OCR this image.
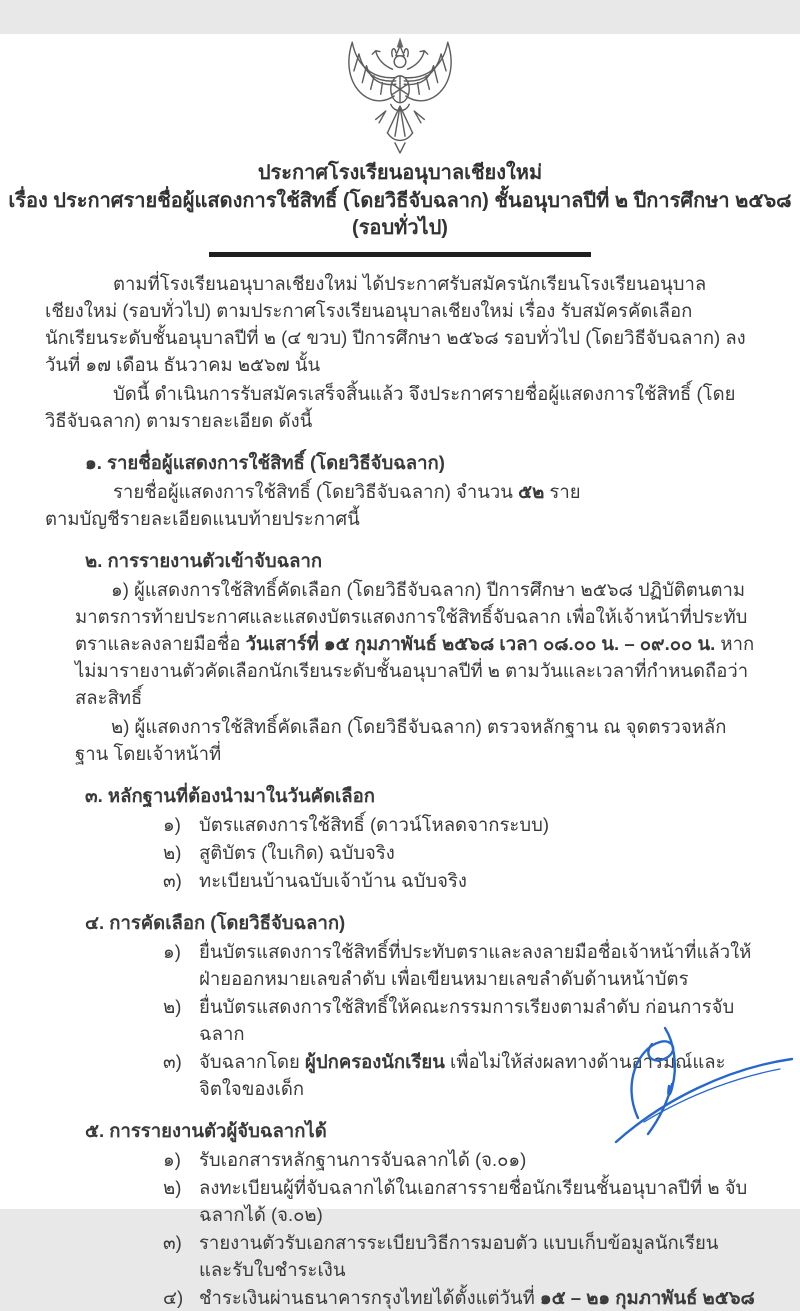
ประกาศโรงเรียนอนุบาลเชียงใหม่
เรื่อง ประกาศรายชื่อผู้แสดงการใช้สิทธิ์ (โดยวิธีจับฉลาก) ชั้นอนุบาลปีที่ ๒ ปีการศึกษา ๒๕๖๘ (รอบทั่วไป)

ตามที่โรงเรียนอนุบาลเชียงใหม่ ได้ประกาศรับสมัครนักเรียนโรงเรียนอนุบาลเชียงใหม่ (รอบทั่วไป) ตามประกาศโรงเรียนอนุบาลเชียงใหม่ เรื่อง รับสมัครคัดเลือกนักเรียนระดับชั้นอนุบาลปีที่ ๒ (๔ ขวบ) ปีการศึกษา ๒๕๖๘ รอบทั่วไป (โดยวิธีจับฉลาก) ลงวันที่ ๑๗ เดือน ธันวาคม ๒๕๖๗ นั้น

บัดนี้ ดำเนินการรับสมัครเสร็จสิ้นแล้ว จึงประกาศรายชื่อผู้แสดงการใช้สิทธิ์ (โดยวิธีจับฉลาก) ตามรายละเอียด ดังนี้

๑. รายชื่อผู้แสดงการใช้สิทธิ์ (โดยวิธีจับฉลาก)
รายชื่อผู้แสดงการใช้สิทธิ์ (โดยวิธีจับฉลาก) จำนวน ๕๒ ราย
ตามบัญชีรายละเอียดแนบท้ายประกาศนี้
๒. การรายงานตัวเข้าจับฉลาก

๑) ผู้แสดงการใช้สิทธิ์คัดเลือก (โดยวิธีจับฉลาก) ปีการศึกษา ๒๕๖๘ ปฏิบัติตนตามมาตรการท้ายประกาศและแสดงบัตรแสดงการใช้สิทธิ์จับฉลาก เพื่อให้เจ้าหน้าที่ประทับตราและลงลายมือชื่อ วันเสาร์ที่ ๑๕ กุมภาพันธ์ ๒๕๖๘ เวลา ๐๘.๐๐ น. – ๐๙.๐๐ น. หากไม่มารายงานตัวคัดเลือกนักเรียนระดับชั้นอนุบาลปีที่ ๒ ตามวันและเวลาที่กำหนดถือว่าสละสิทธิ์

๒) ผู้แสดงการใช้สิทธิ์คัดเลือก (โดยวิธีจับฉลาก) ตรวจหลักฐาน ณ จุดตรวจหลักฐาน โดยเจ้าหน้าที่

๓. หลักฐานที่ต้องนำมาในวันคัดเลือก
๑) บัตรแสดงการใช้สิทธิ์ (ดาวน์โหลดจากระบบ)
๒) สูติบัตร (ใบเกิด) ฉบับจริง
๓) ทะเบียนบ้านฉบับเจ้าบ้าน ฉบับจริง
๔. การคัดเลือก (โดยวิธีจับฉลาก)
๑) ยื่นบัตรแสดงการใช้สิทธิ์ที่ประทับตราและลงลายมือชื่อเจ้าหน้าที่แล้วให้ฝ่ายออกหมายเลขลำดับ เพื่อเขียนหมายเลขลำดับด้านหน้าบัตร
๒) ยื่นบัตรแสดงการใช้สิทธิ์ให้คณะกรรมการเรียงตามลำดับ ก่อนการจับฉลาก
๓) จับฉลากโดย ผู้ปกครองนักเรียน เพื่อไม่ให้ส่งผลทางด้านอารมณ์และจิตใจของเด็ก
๕. การรายงานตัวผู้จับฉลากได้
๑) รับเอกสารหลักฐานการจับฉลากได้ (จ.๐๑)
๒) ลงทะเบียนผู้ที่จับฉลากได้ในเอกสารรายชื่อนักเรียนชั้นอนุบาลปีที่ ๒ จับฉลากได้ (จ.๐๒)
๓) รายงานตัวรับเอกสารระเบียบวิธีการมอบตัว แบบเก็บข้อมูลนักเรียน และรับใบชำระเงิน
๔) ชำระเงินผ่านธนาคารกรุงไทยได้ตั้งแต่วันที่ ๑๕ – ๒๑ กุมภาพันธ์ ๒๕๖๘
